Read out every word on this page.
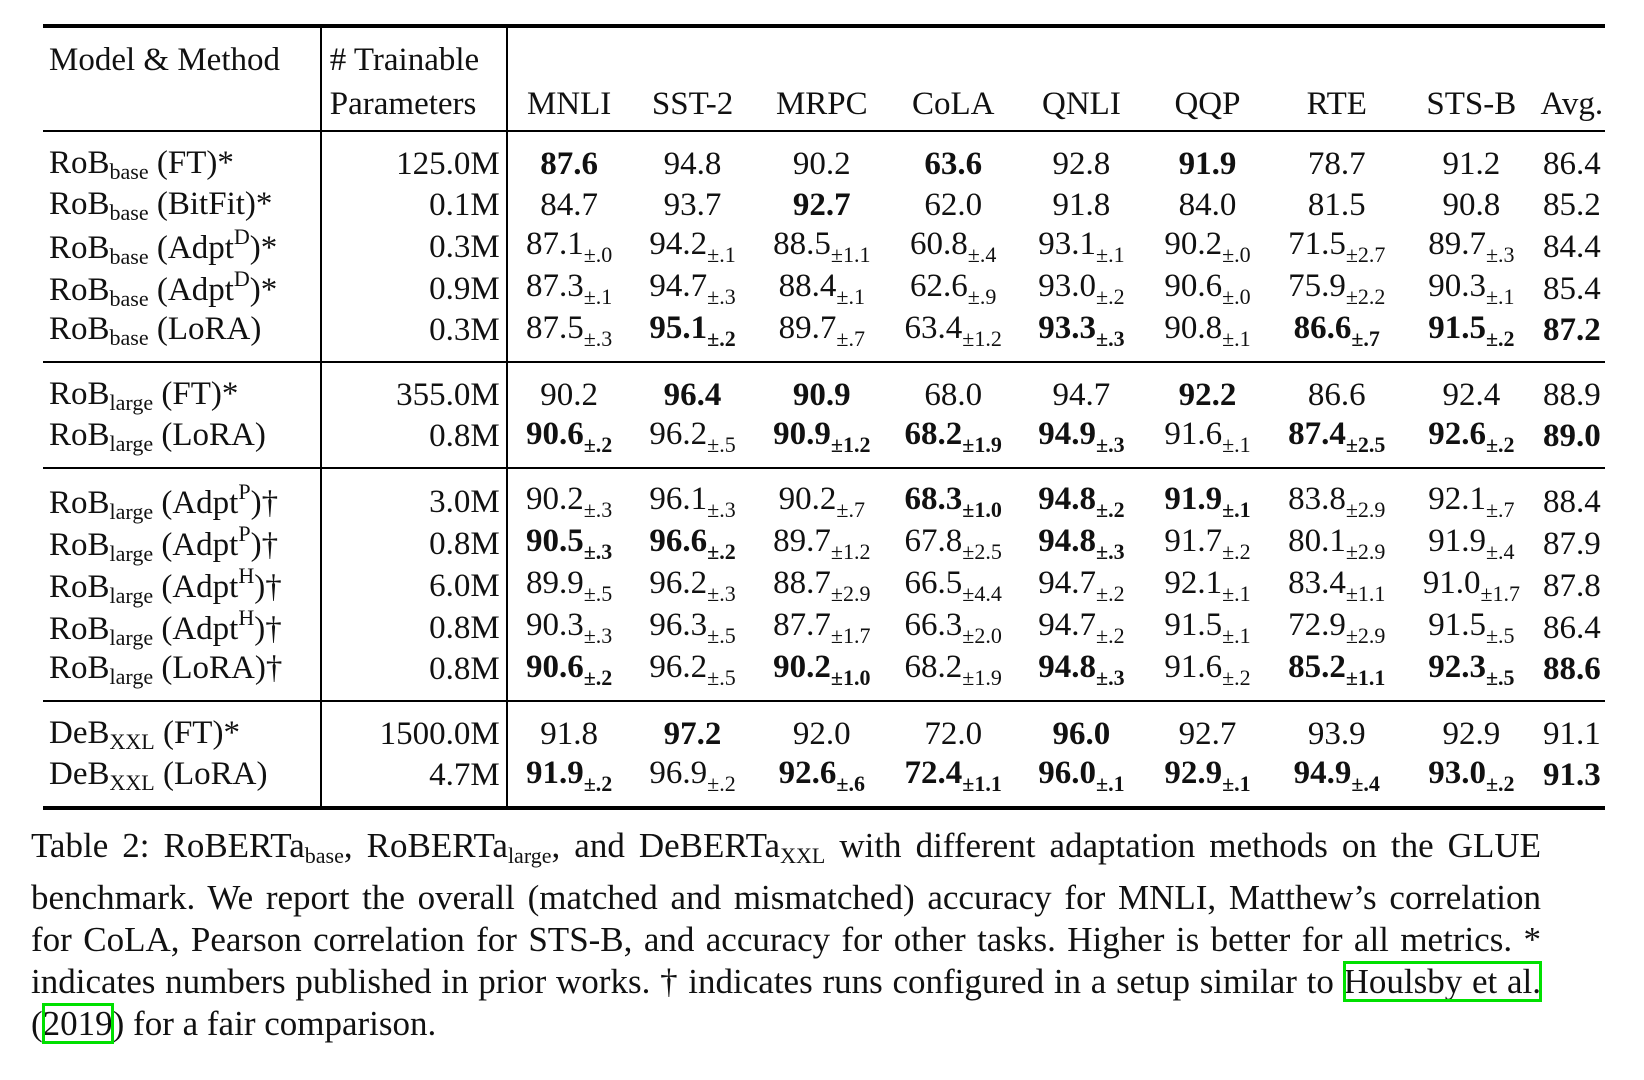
Model & Method	# Trainable									
	Parameters	MNLI	SST-2	MRPC	CoLA	QNLI	QQP	RTE	STS-B	Avg.
RoB$_{base}$ (FT)*	125.0M	87.6	94.8	90.2	63.6	92.8	91.9	78.7	91.2	86.4
RoB$_{base}$ (BitFit)*	0.1M	84.7	93.7	92.7	62.0	91.8	84.0	81.5	90.8	85.2
RoB$_{base}$ (Adpt$^D$)*	0.3M	$87.1_{\pm.0}$	$94.2_{\pm.1}$	$88.5_{\pm 1.1}$	$60.8_{\pm.4}$	$93.1_{\pm.1}$	$90.2_{\pm.0}$	$71.5_{\pm 2.7}$	$89.7_{\pm.3}$	84.4
RoB$_{base}$ (Adpt$^D$)*	0.9M	$87.3_{\pm.1}$	$94.7_{\pm.3}$	$88.4_{\pm.1}$	$62.6_{\pm.9}$	$93.0_{\pm.2}$	$90.6_{\pm.0}$	$75.9_{\pm 2.2}$	$90.3_{\pm.1}$	85.4
RoB$_{base}$ (LoRA)	0.3M	$87.5_{\pm.3}$	$95.1_{\pm.2}$	$89.7_{\pm.7}$	$63.4_{\pm 1.2}$	$93.3_{\pm.3}$	$90.8_{\pm.1}$	$86.6_{\pm.7}$	$91.5_{\pm.2}$	87.2
RoB$_{large}$ (FT)*	355.0M	90.2	96.4	90.9	68.0	94.7	92.2	86.6	92.4	88.9
RoB$_{large}$ (LoRA)	0.8M	$90.6_{\pm.2}$	$96.2_{\pm.5}$	$90.9_{\pm 1.2}$	$68.2_{\pm 1.9}$	$94.9_{\pm.3}$	$91.6_{\pm.1}$	$87.4_{\pm 2.5}$	$92.6_{\pm.2}$	89.0
RoB$_{large}$ (Adpt$^P$)†	3.0M	$90.2_{\pm.3}$	$96.1_{\pm.3}$	$90.2_{\pm.7}$	$68.3_{\pm 1.0}$	$94.8_{\pm.2}$	$91.9_{\pm.1}$	$83.8_{\pm 2.9}$	$92.1_{\pm.7}$	88.4
RoB$_{large}$ (Adpt$^P$)†	0.8M	$90.5_{\pm.3}$	$96.6_{\pm.2}$	$89.7_{\pm 1.2}$	$67.8_{\pm 2.5}$	$94.8_{\pm.3}$	$91.7_{\pm.2}$	$80.1_{\pm 2.9}$	$91.9_{\pm.4}$	87.9
RoB$_{large}$ (Adpt$^H$)†	6.0M	$89.9_{\pm.5}$	$96.2_{\pm.3}$	$88.7_{\pm 2.9}$	$66.5_{\pm 4.4}$	$94.7_{\pm.2}$	$92.1_{\pm.1}$	$83.4_{\pm 1.1}$	$91.0_{\pm 1.7}$	87.8
RoB$_{large}$ (Adpt$^H$)†	0.8M	$90.3_{\pm.3}$	$96.3_{\pm.5}$	$87.7_{\pm 1.7}$	$66.3_{\pm 2.0}$	$94.7_{\pm.2}$	$91.5_{\pm.1}$	$72.9_{\pm 2.9}$	$91.5_{\pm.5}$	86.4
RoB$_{large}$ (LoRA)†	0.8M	$90.6_{\pm.2}$	$96.2_{\pm.5}$	$90.2_{\pm 1.0}$	$68.2_{\pm 1.9}$	$94.8_{\pm.3}$	$91.6_{\pm.2}$	$85.2_{\pm 1.1}$	$92.3_{\pm.5}$	88.6
DeB$_{XXL}$ (FT)*	1500.0M	91.8	97.2	92.0	72.0	96.0	92.7	93.9	92.9	91.1
DeB$_{XXL}$ (LoRA)	4.7M	$91.9_{\pm.2}$	$96.9_{\pm.2}$	$92.6_{\pm.6}$	$72.4_{\pm 1.1}$	$96.0_{\pm.1}$	$92.9_{\pm.1}$	$94.9_{\pm.4}$	$93.0_{\pm.2}$	91.3

Table 2: RoBERTa$_{base}$, RoBERTa$_{large}$, and DeBERTa$_{XXL}$ with different adaptation methods on the GLUE benchmark. We report the overall (matched and mismatched) accuracy for MNLI, Matthew’s correlation for CoLA, Pearson correlation for STS-B, and accuracy for other tasks. Higher is better for all metrics. * indicates numbers published in prior works. † indicates runs configured in a setup similar to Houlsby et al. (2019) for a fair comparison.
